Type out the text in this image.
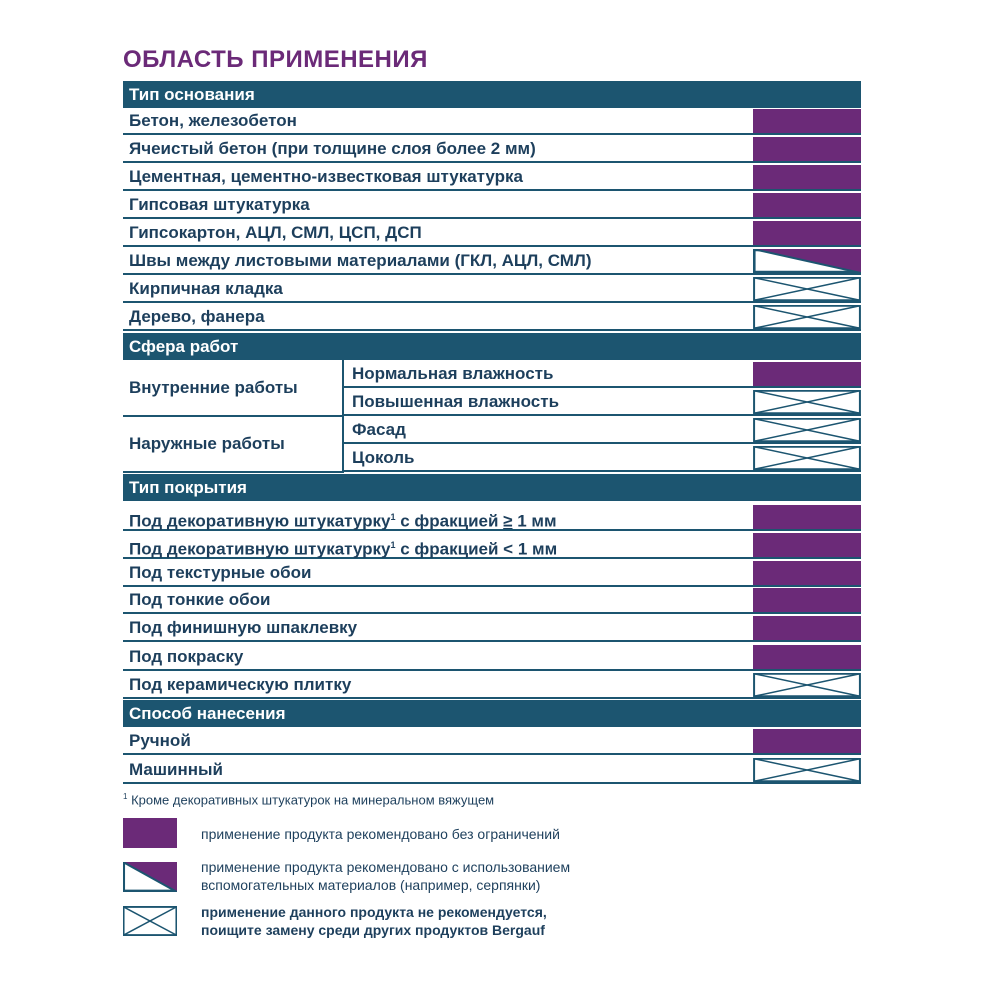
ОБЛАСТЬ ПРИМЕНЕНИЯ
Тип основания
Бетон, железобетон
Ячеистый бетон (при толщине слоя более 2 мм)
Цементная, цементно-известковая штукатурка
Гипсовая штукатурка
Гипсокартон, АЦЛ, СМЛ, ЦСП, ДСП
Швы между листовыми материалами (ГКЛ, АЦЛ, СМЛ)
Кирпичная кладка
Дерево, фанера
Сфера работ
Внутренние работы
Наружные работы
Нормальная влажность
Повышенная влажность
Фасад
Цоколь
Тип покрытия
Под декоративную штукатурку$^1$ с фракцией ≥ 1 мм
Под декоративную штукатурку$^1$ с фракцией < 1 мм
Под текстурные обои
Под тонкие обои
Под финишную шпаклевку
Под покраску
Под керамическую плитку
Способ нанесения
Ручной
Машинный
$^1$ Кроме декоративных штукатурок на минеральном вяжущем
применение продукта рекомендовано без ограничений
применение продукта рекомендовано с использованием
вспомогательных материалов (например, серпянки)
применение данного продукта не рекомендуется,
поищите замену среди других продуктов Bergauf
